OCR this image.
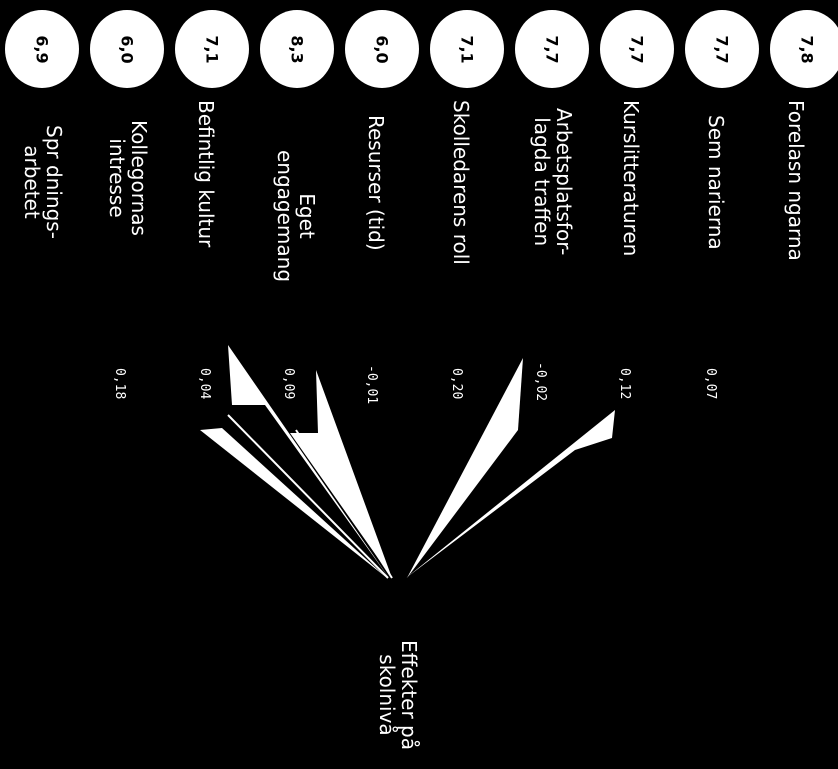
7,8
7,7
7,7
7,7
7,1
6,0
8,3
7,1
6,0
6,9
Forelasn ngarna
Sem narierna
Kurslitteraturen
Arbetsplatsfor-
lagda traffen
Skolledarens roll
Resurser (tid)
Eget
engagemang
Befintlig kultur
Kollegornas
intresse
Spr dnings-
arbetet
0,07
0,12
-0,02
0,20
-0,01
0,09
0,04
0,18
Effekter på
skolnivå
